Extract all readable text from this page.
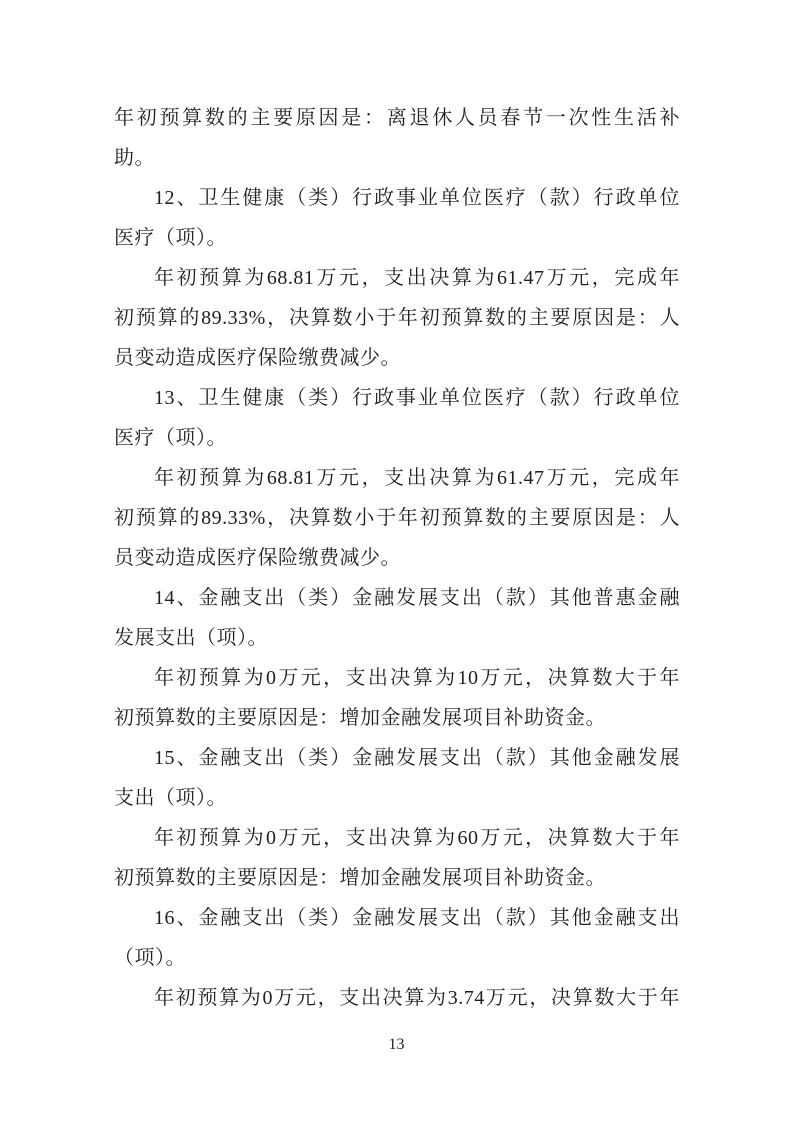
年初预算数的主要原因是：离退休人员春节一次性生活补
助。
12、卫生健康（类）行政事业单位医疗（款）行政单位
医疗（项）。
年初预算为68.81万元，支出决算为61.47万元，完成年
初预算的89.33%，决算数小于年初预算数的主要原因是：人
员变动造成医疗保险缴费减少。
13、卫生健康（类）行政事业单位医疗（款）行政单位
医疗（项）。
年初预算为68.81万元，支出决算为61.47万元，完成年
初预算的89.33%，决算数小于年初预算数的主要原因是：人
员变动造成医疗保险缴费减少。
14、金融支出（类）金融发展支出（款）其他普惠金融
发展支出（项）。
年初预算为0万元，支出决算为10万元，决算数大于年
初预算数的主要原因是：增加金融发展项目补助资金。
15、金融支出（类）金融发展支出（款）其他金融发展
支出（项）。
年初预算为0万元，支出决算为60万元，决算数大于年
初预算数的主要原因是：增加金融发展项目补助资金。
16、金融支出（类）金融发展支出（款）其他金融支出
（项）。
年初预算为0万元，支出决算为3.74万元，决算数大于年
13
